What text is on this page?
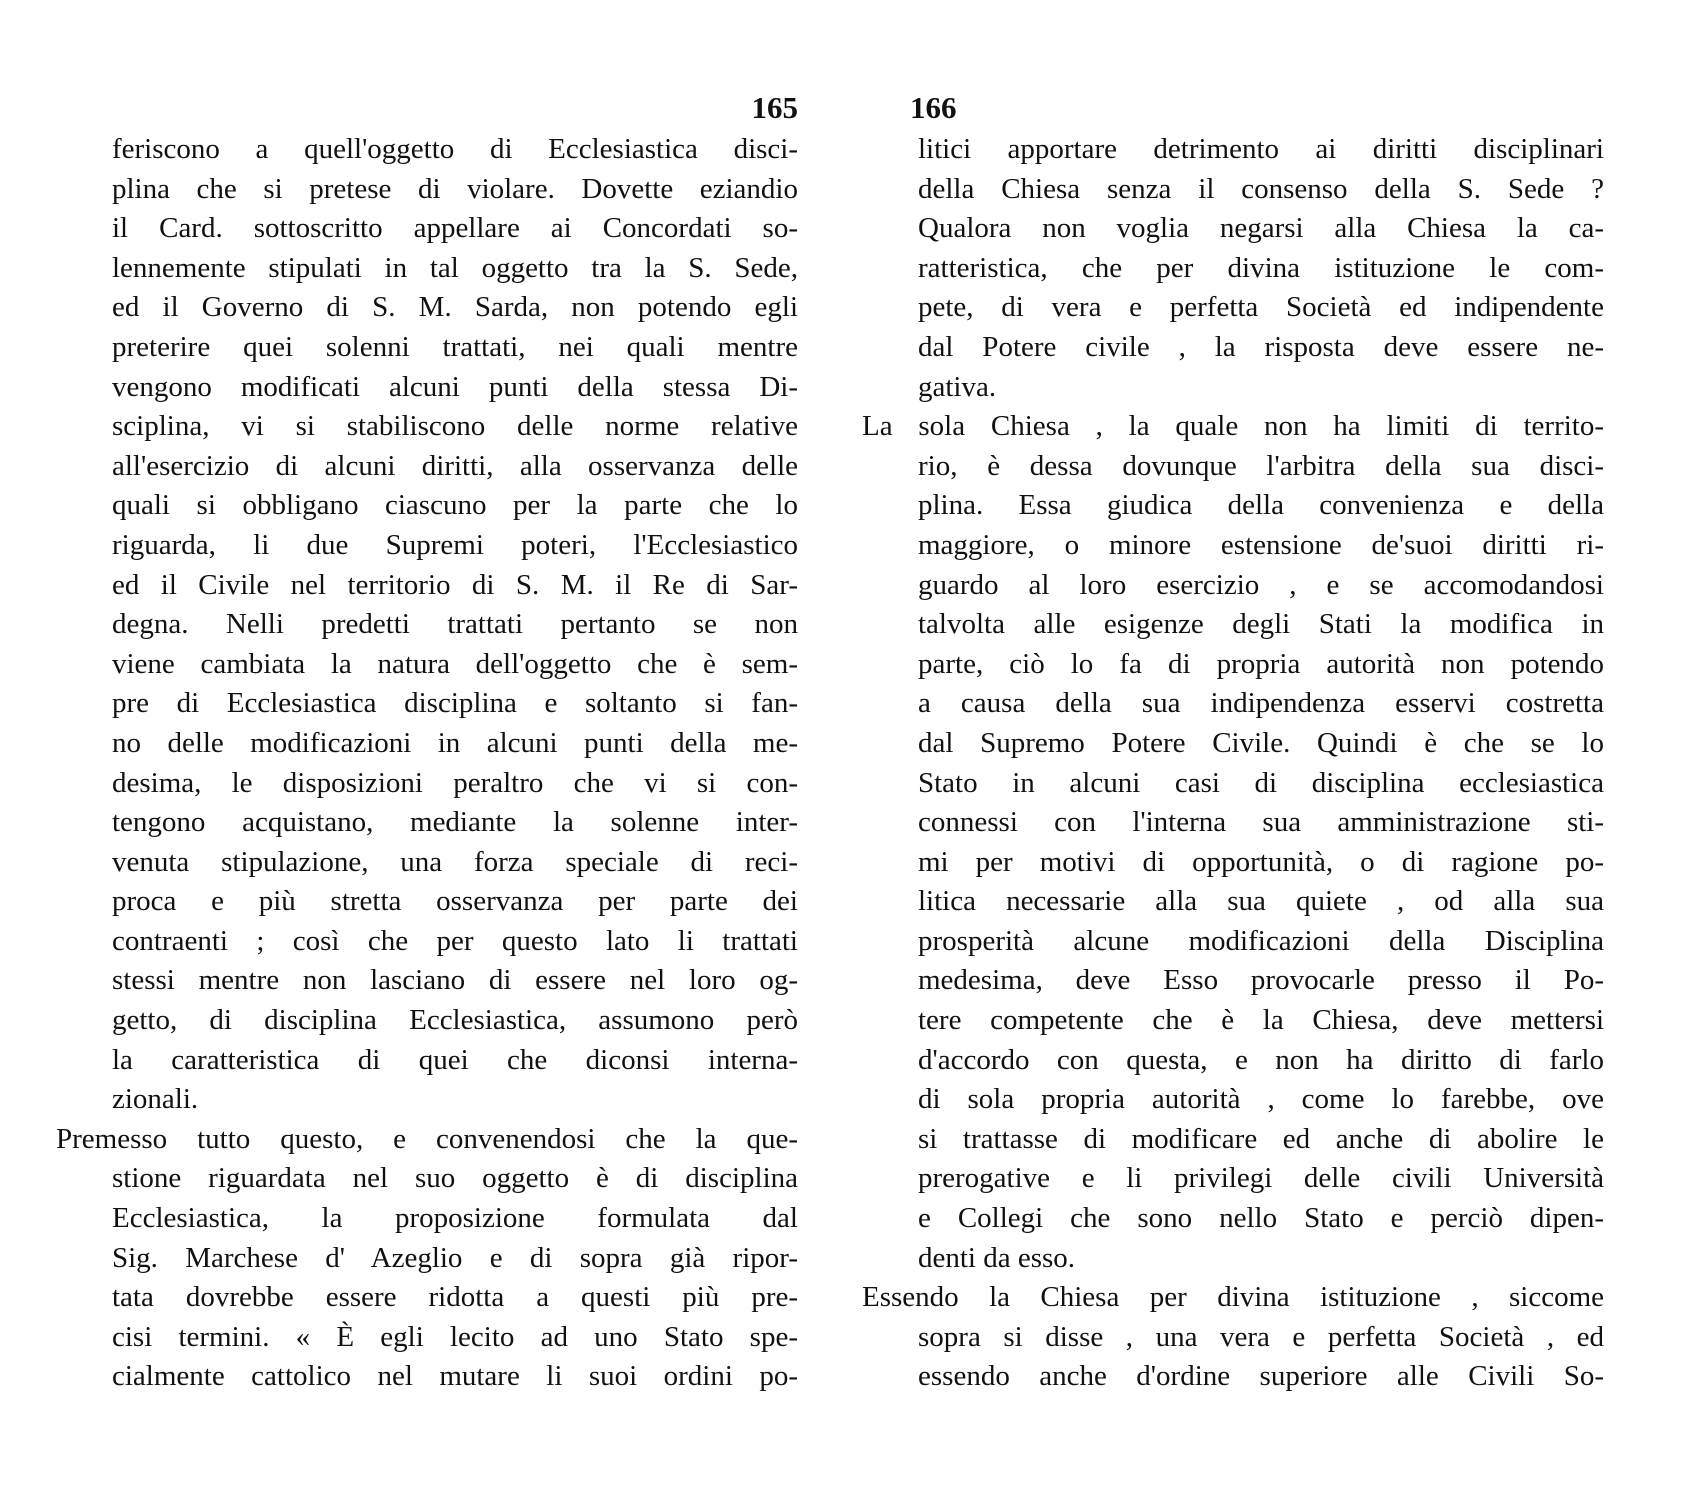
165
feriscono a quell'oggetto di Ecclesiastica disci-
plina che si pretese di violare. Dovette eziandio
il Card. sottoscritto appellare ai Concordati so-
lennemente stipulati in tal oggetto tra la S. Sede,
ed il Governo di S. M. Sarda, non potendo egli
preterire quei solenni trattati, nei quali mentre
vengono modificati alcuni punti della stessa Di-
sciplina, vi si stabiliscono delle norme relative
all'esercizio di alcuni diritti, alla osservanza delle
quali si obbligano ciascuno per la parte che lo
riguarda, li due Supremi poteri, l'Ecclesiastico
ed il Civile nel territorio di S. M. il Re di Sar-
degna. Nelli predetti trattati pertanto se non
viene cambiata la natura dell'oggetto che è sem-
pre di Ecclesiastica disciplina e soltanto si fan-
no delle modificazioni in alcuni punti della me-
desima, le disposizioni peraltro che vi si con-
tengono acquistano, mediante la solenne inter-
venuta stipulazione, una forza speciale di reci-
proca e più stretta osservanza per parte dei
contraenti ; così che per questo lato li trattati
stessi mentre non lasciano di essere nel loro og-
getto, di disciplina Ecclesiastica, assumono però
la caratteristica di quei che diconsi interna-
zionali.
Premesso tutto questo, e convenendosi che la que-
stione riguardata nel suo oggetto è di disciplina
Ecclesiastica, la proposizione formulata dal
Sig. Marchese d' Azeglio e di sopra già ripor-
tata dovrebbe essere ridotta a questi più pre-
cisi termini. « È egli lecito ad uno Stato spe-
cialmente cattolico nel mutare li suoi ordini po-
166
litici apportare detrimento ai diritti disciplinari
della Chiesa senza il consenso della S. Sede ?
Qualora non voglia negarsi alla Chiesa la ca-
ratteristica, che per divina istituzione le com-
pete, di vera e perfetta Società ed indipendente
dal Potere civile , la risposta deve essere ne-
gativa.
La sola Chiesa , la quale non ha limiti di territo-
rio, è dessa dovunque l'arbitra della sua disci-
plina. Essa giudica della convenienza e della
maggiore, o minore estensione de'suoi diritti ri-
guardo al loro esercizio , e se accomodandosi
talvolta alle esigenze degli Stati la modifica in
parte, ciò lo fa di propria autorità non potendo
a causa della sua indipendenza esservi costretta
dal Supremo Potere Civile. Quindi è che se lo
Stato in alcuni casi di disciplina ecclesiastica
connessi con l'interna sua amministrazione sti-
mi per motivi di opportunità, o di ragione po-
litica necessarie alla sua quiete , od alla sua
prosperità alcune modificazioni della Disciplina
medesima, deve Esso provocarle presso il Po-
tere competente che è la Chiesa, deve mettersi
d'accordo con questa, e non ha diritto di farlo
di sola propria autorità , come lo farebbe, ove
si trattasse di modificare ed anche di abolire le
prerogative e li privilegi delle civili Università
e Collegi che sono nello Stato e perciò dipen-
denti da esso.
Essendo la Chiesa per divina istituzione , siccome
sopra si disse , una vera e perfetta Società , ed
essendo anche d'ordine superiore alle Civili So-
